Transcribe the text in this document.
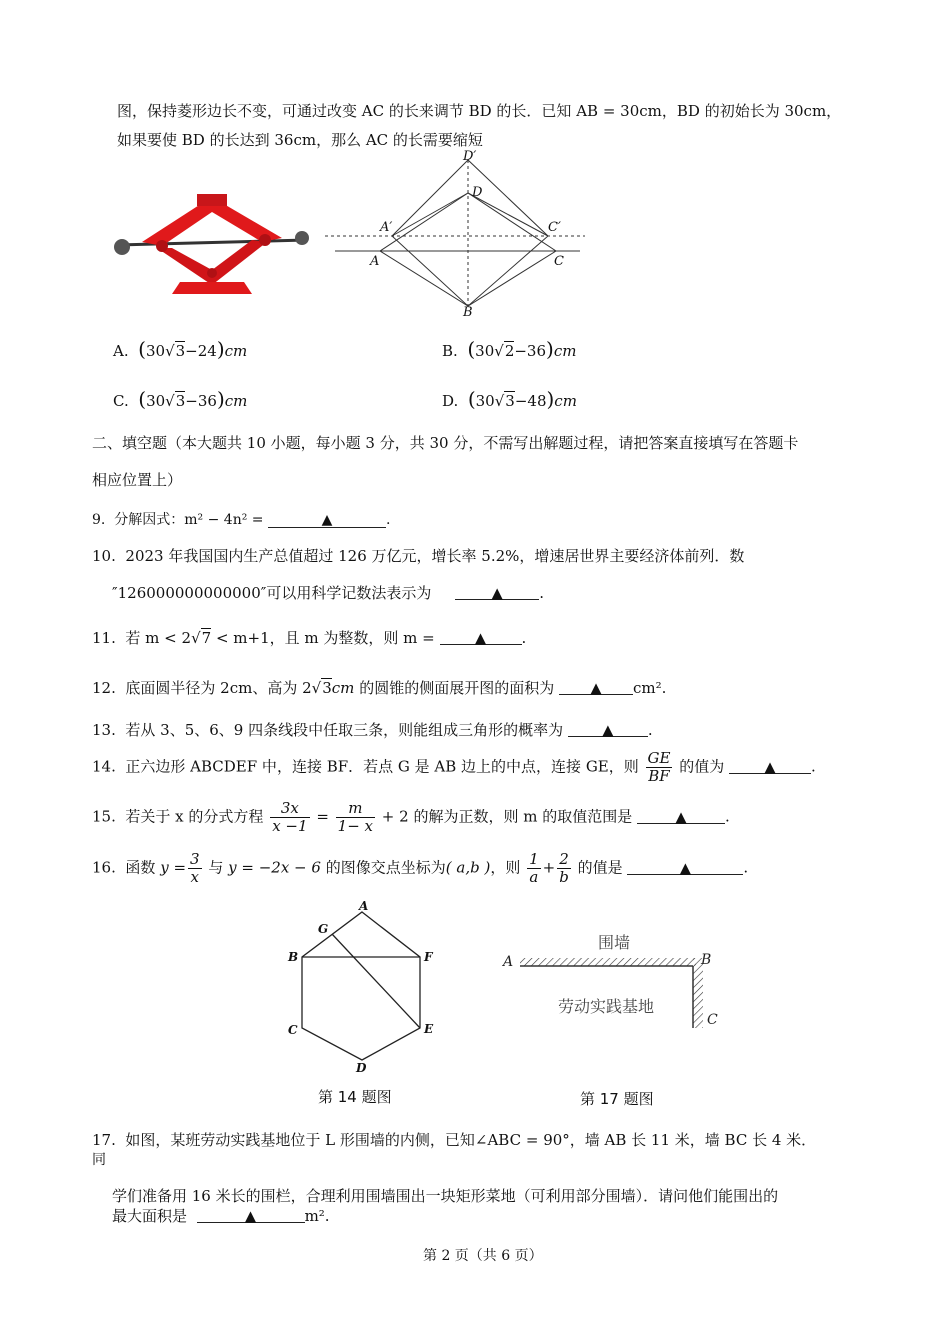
图，保持菱形边长不变，可通过改变 AC 的长来调节 BD 的长．已知 AB = 30cm，BD 的初始长为 30cm，
如果要使 BD 的长达到 36cm，那么 AC 的长需要缩短
D′
D
A′	C′
A	C
B
A. (30√3−24)cm	B. (30√2−36)cm
C. (30√3−36)cm	D. (30√3−48)cm
二、填空题（本大题共 10 小题，每小题 3 分，共 30 分，不需写出解题过程，请把答案直接填写在答题卡
相应位置上）
9. 分解因式：m² − 4n² =	▲	.
10. 2023 年我国国内生产总值超过 126 万亿元，增长率 5.2%，增速居世界主要经济体前列．数
″126000000000000″可以用科学记数法表示为	▲ .
11. 若 m < 2√7 < m+1，且 m 为整数，则 m =	▲ .
12. 底面圆半径为 2cm、高为 2√3cm 的圆锥的侧面展开图的面积为 ▲ cm².
13. 若从 3、5、6、9 四条线段中任取三条，则能组成三角形的概率为	▲ .
14. 正六边形 ABCDEF 中，连接 BF．若点 G 是 AB 边上的中点，连接 GE，则 $\frac{GE}{BF}$ 的值为	▲ .
15. 若关于 x 的分式方程 $\frac{3x}{x -1} = \frac{m}{1- x} + 2$ 的解为正数，则 m 的取值范围是	▲	.
16. 函数 $y = \frac{3}{x}$ 与 y = −2x − 6 的图像交点坐标为( a,b )，则 $\frac{1}{a} + \frac{2}{b}$ 的值是	▲	.
A
B
C
D
E
F
G
A	B
C
围墙
劳动实践基地
第 14 题图	第 17 题图
17. 如图，某班劳动实践基地位于 L 形围墙的内侧，已知∠ABC = 90°，墙 AB 长 11 米，墙 BC 长 4 米．
同
学们准备用 16 米长的围栏，合理利用围墙围出一块矩形菜地（可利用部分围墙）．请问他们能围出的
最大面积是	▲	m².
第 2 页（共 6 页）
